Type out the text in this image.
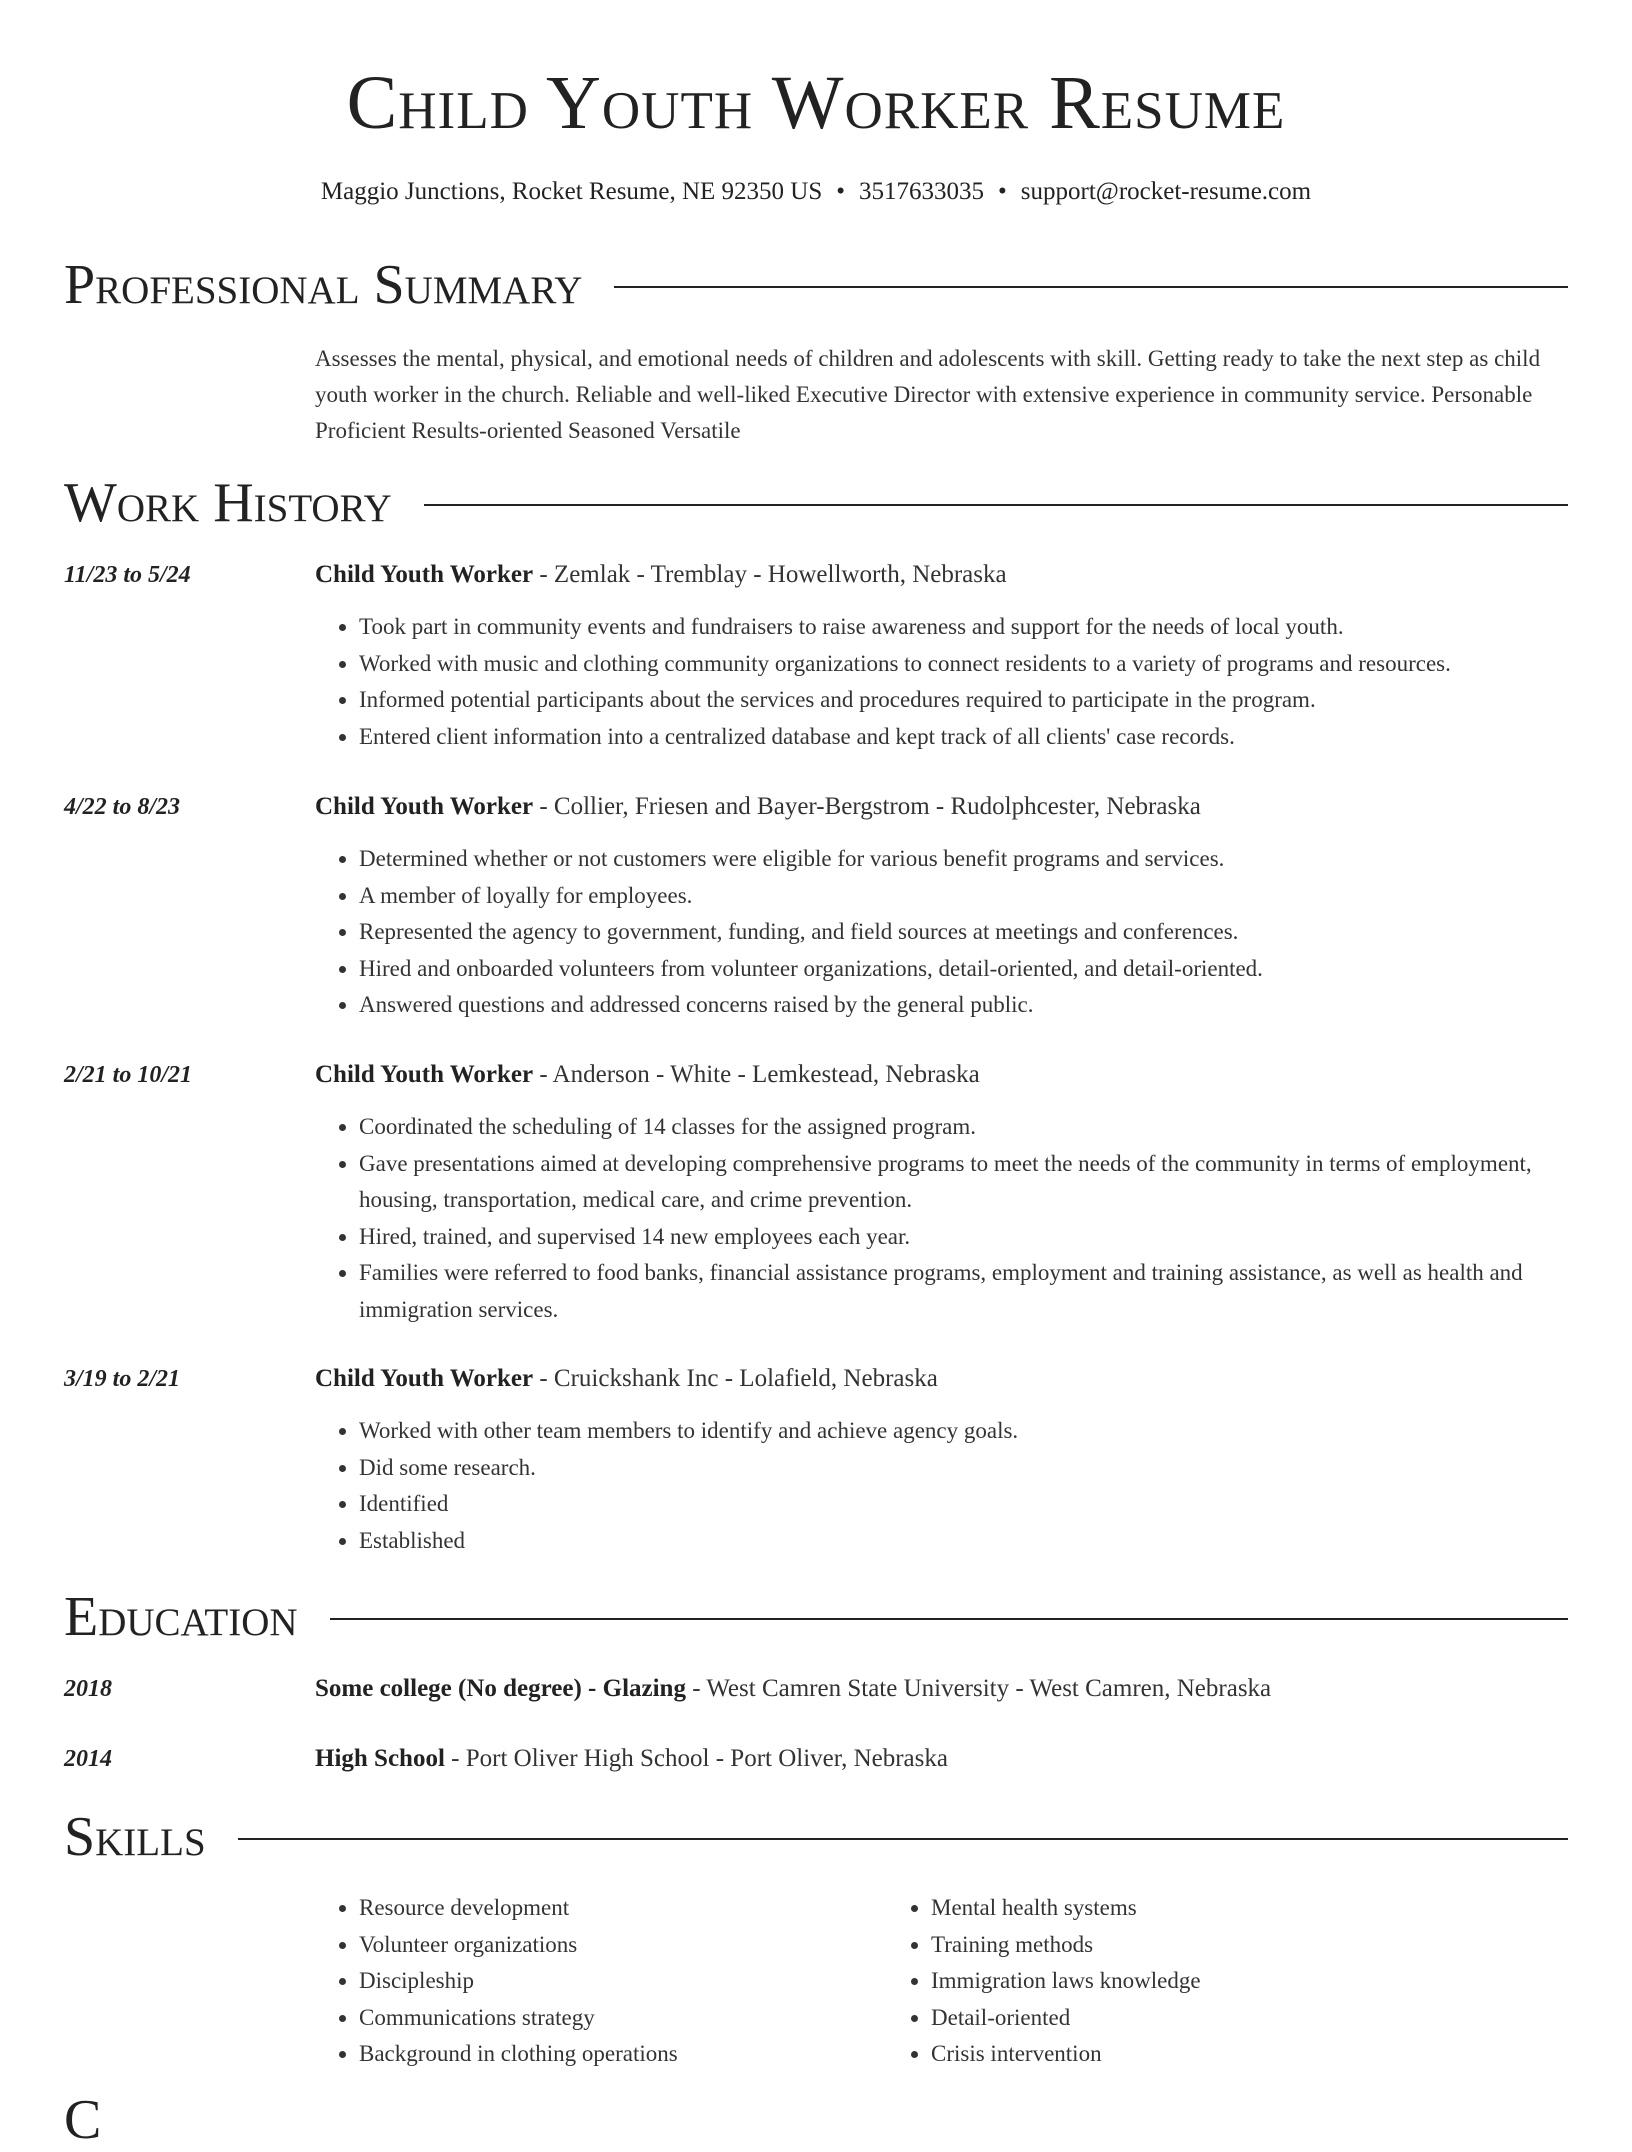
Child Youth Worker Resume
Maggio Junctions, Rocket Resume, NE 92350 US • 3517633035 • support@rocket-resume.com
Professional Summary
Assesses the mental, physical, and emotional needs of children and adolescents with skill. Getting ready to take the next step as child youth worker in the church. Reliable and well-liked Executive Director with extensive experience in community service. Personable Proficient Results-oriented Seasoned Versatile
Work History
11/23 to 5/24	Child Youth Worker - Zemlak - Tremblay - Howellworth, Nebraska
• Took part in community events and fundraisers to raise awareness and support for the needs of local youth.
• Worked with music and clothing community organizations to connect residents to a variety of programs and resources.
• Informed potential participants about the services and procedures required to participate in the program.
• Entered client information into a centralized database and kept track of all clients' case records.
4/22 to 8/23	Child Youth Worker - Collier, Friesen and Bayer-Bergstrom - Rudolphcester, Nebraska
• Determined whether or not customers were eligible for various benefit programs and services.
• A member of loyally for employees.
• Represented the agency to government, funding, and field sources at meetings and conferences.
• Hired and onboarded volunteers from volunteer organizations, detail-oriented, and detail-oriented.
• Answered questions and addressed concerns raised by the general public.
2/21 to 10/21	Child Youth Worker - Anderson - White - Lemkestead, Nebraska
• Coordinated the scheduling of 14 classes for the assigned program.
• Gave presentations aimed at developing comprehensive programs to meet the needs of the community in terms of employment, housing, transportation, medical care, and crime prevention.
• Hired, trained, and supervised 14 new employees each year.
• Families were referred to food banks, financial assistance programs, employment and training assistance, as well as health and immigration services.
3/19 to 2/21	Child Youth Worker - Cruickshank Inc - Lolafield, Nebraska
• Worked with other team members to identify and achieve agency goals.
• Did some research.
• Identified
• Established
Education
2018	Some college (No degree) - Glazing - West Camren State University - West Camren, Nebraska
2014	High School - Port Oliver High School - Port Oliver, Nebraska
Skills
• Resource development
• Volunteer organizations
• Discipleship
• Communications strategy
• Background in clothing operations
• Mental health systems
• Training methods
• Immigration laws knowledge
• Detail-oriented
• Crisis intervention
C
